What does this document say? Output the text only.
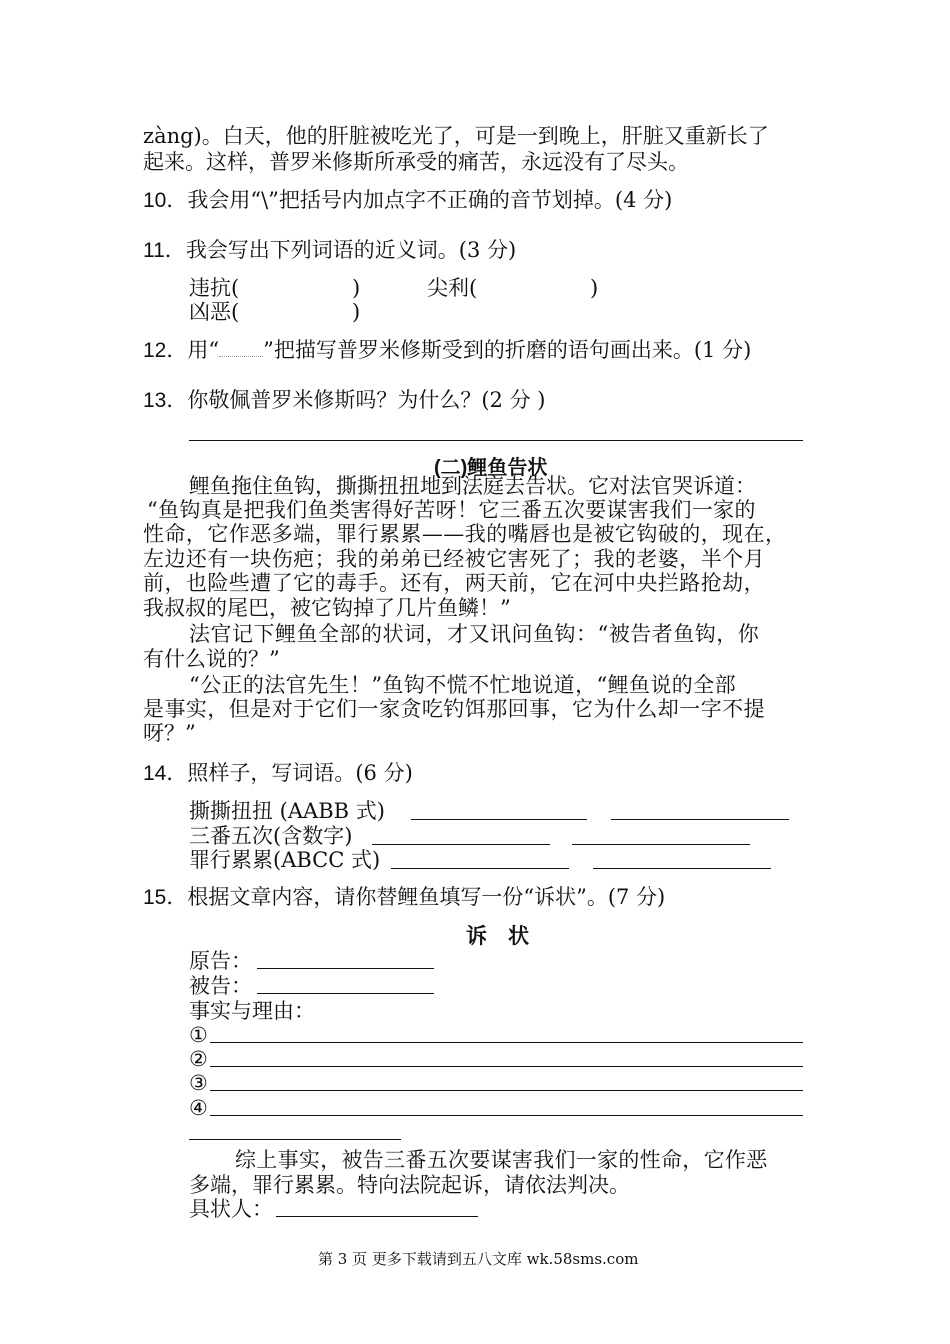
zàng)。白天，他的肝脏被吃光了，可是一到晚上，肝脏又重新长了
起来。这样，普罗米修斯所承受的痛苦，永远没有了尽头。
10．我会用“\”把括号内加点字不正确的音节划掉。(4 分)
11．我会写出下列词语的近义词。(3 分)
违抗(	)	尖利(	)
凶恶(	)
12．用“ ”把描写普罗米修斯受到的折磨的语句画出来。(1 分)
13．你敬佩普罗米修斯吗？为什么？(2 分 )
(二)鲤鱼告状
鲤鱼拖住鱼钩，撕撕扭扭地到法庭去告状。它对法官哭诉道：
“鱼钩真是把我们鱼类害得好苦呀！它三番五次要谋害我们一家的
性命，它作恶多端，罪行累累——我的嘴唇也是被它钩破的，现在，
左边还有一块伤疤；我的弟弟已经被它害死了；我的老婆，半个月
前，也险些遭了它的毒手。还有，两天前，它在河中央拦路抢劫，
我叔叔的尾巴，被它钩掉了几片鱼鳞！”
法官记下鲤鱼全部的状词，才又讯问鱼钩：“被告者鱼钩，你
有什么说的？”
“公正的法官先生！”鱼钩不慌不忙地说道，“鲤鱼说的全部
是事实，但是对于它们一家贪吃钓饵那回事，它为什么却一字不提
呀？”
14．照样子，写词语。(6 分)
撕撕扭扭 (AABB 式)
三番五次(含数字)
罪行累累(ABCC 式)
15．根据文章内容，请你替鲤鱼填写一份“诉状”。(7 分)
诉　状
原告：
被告：
事实与理由：
①
②
③
④
综上事实，被告三番五次要谋害我们一家的性命，它作恶
多端，罪行累累。特向法院起诉，请依法判决。
具状人：
第 3 页 更多下载请到五八文库 wk.58sms.com
